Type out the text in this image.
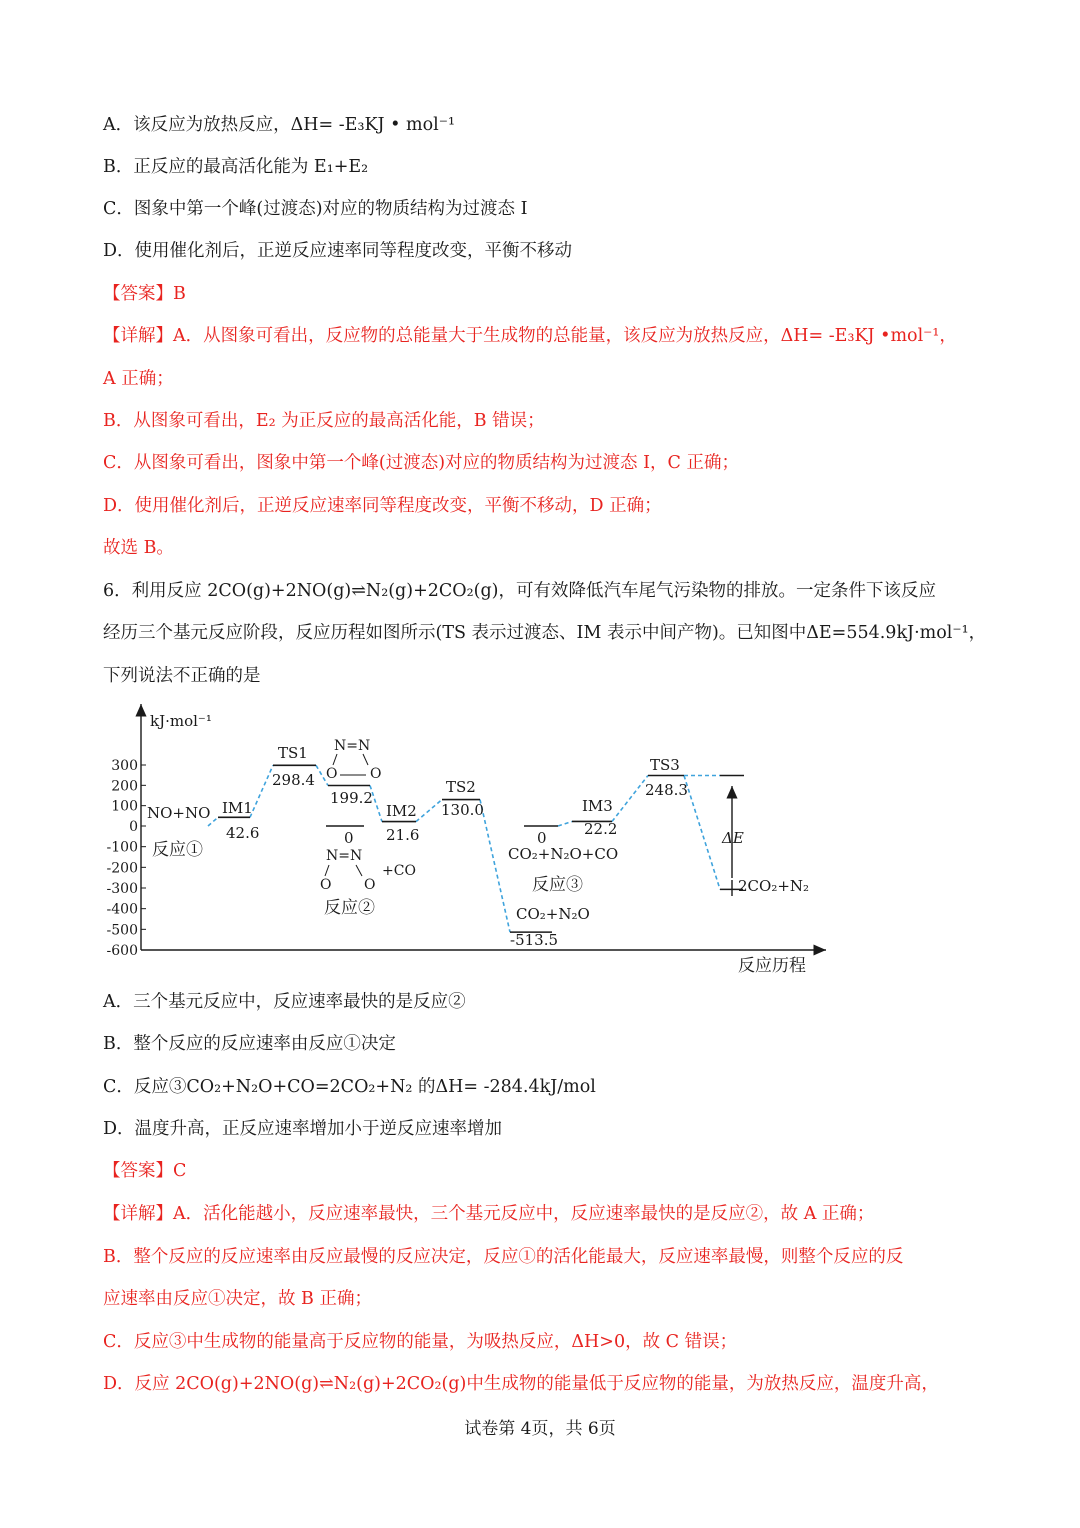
A．该反应为放热反应，ΔH= -E₃KJ • mol⁻¹
B．正反应的最高活化能为 E₁+E₂
C．图象中第一个峰(过渡态)对应的物质结构为过渡态 I
D．使用催化剂后，正逆反应速率同等程度改变，平衡不移动
【答案】B
【详解】A．从图象可看出，反应物的总能量大于生成物的总能量，该反应为放热反应，ΔH= -E₃KJ •mol⁻¹，
A 正确；
B．从图象可看出，E₂ 为正反应的最高活化能，B 错误；
C．从图象可看出，图象中第一个峰(过渡态)对应的物质结构为过渡态 I，C 正确；
D．使用催化剂后，正逆反应速率同等程度改变，平衡不移动，D 正确；
故选 B。
6．利用反应 2CO(g)+2NO(g)⇌N₂(g)+2CO₂(g)，可有效降低汽车尾气污染物的排放。一定条件下该反应
经历三个基元反应阶段，反应历程如图所示(TS 表示过渡态、IM 表示中间产物)。已知图中ΔE=554.9kJ·mol⁻¹，
下列说法不正确的是
300
200
100
0
-100
-200
-300
-400
-500
-600
kJ·mol⁻¹
反应历程
NO+NO IM1
42.6
TS1
298.4
199.2
0
IM2
21.6
TS2
130.0
CO₂+N₂O
-513.5
0
CO₂+N₂O+CO
IM3
22.2
TS3
248.3
2CO₂+N₂
ΔE
反应①
反应②
反应③
N=N
O O
N=N
O O
+CO
A．三个基元反应中，反应速率最快的是反应②
B．整个反应的反应速率由反应①决定
C．反应③CO₂+N₂O+CO=2CO₂+N₂ 的ΔH= -284.4kJ/mol
D．温度升高，正反应速率增加小于逆反应速率增加
【答案】C
【详解】A．活化能越小，反应速率最快，三个基元反应中，反应速率最快的是反应②，故 A 正确；
B．整个反应的反应速率由反应最慢的反应决定，反应①的活化能最大，反应速率最慢，则整个反应的反
应速率由反应①决定，故 B 正确；
C．反应③中生成物的能量高于反应物的能量，为吸热反应，ΔH>0，故 C 错误；
D．反应 2CO(g)+2NO(g)⇌N₂(g)+2CO₂(g)中生成物的能量低于反应物的能量，为放热反应，温度升高，
试卷第 4页，共 6页
